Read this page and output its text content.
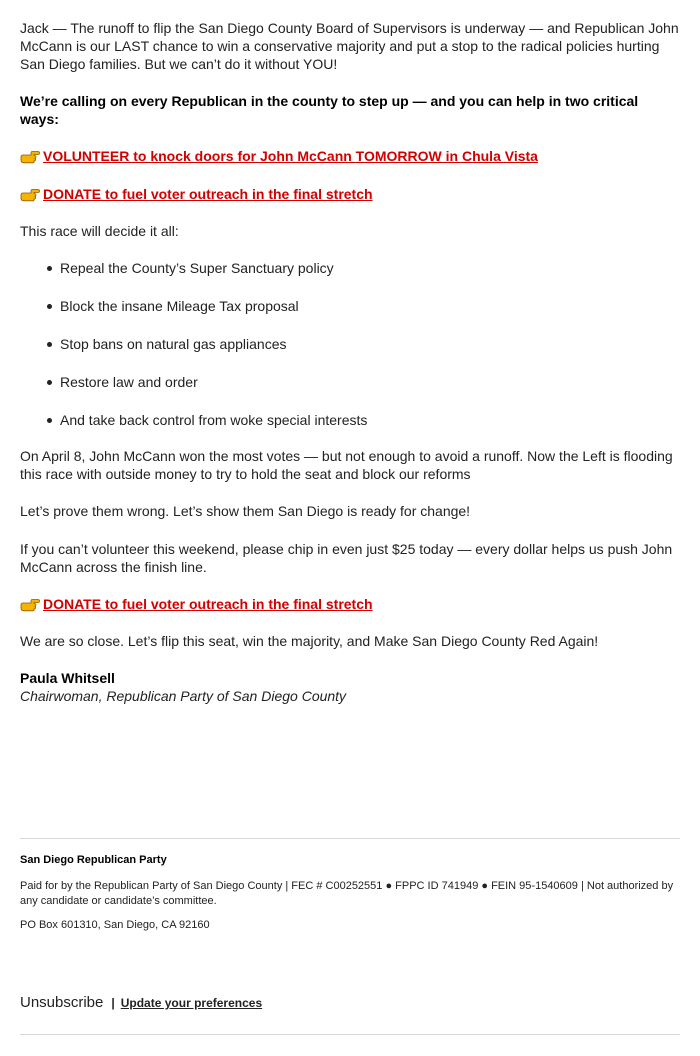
Jack — The runoff to flip the San Diego County Board of Supervisors is underway — and Republican John McCann is our LAST chance to win a conservative majority and put a stop to the radical policies hurting San Diego families. But we can’t do it without YOU!

We’re calling on every Republican in the county to step up — and you can help in two critical ways:

VOLUNTEER to knock doors for John McCann TOMORROW in Chula Vista
DONATE to fuel voter outreach in the final stretch

This race will decide it all:

Repeal the County’s Super Sanctuary policy
Block the insane Mileage Tax proposal
Stop bans on natural gas appliances
Restore law and order
And take back control from woke special interests

On April 8, John McCann won the most votes — but not enough to avoid a runoff. Now the Left is flooding this race with outside money to try to hold the seat and block our reforms

Let’s prove them wrong. Let’s show them San Diego is ready for change!

If you can’t volunteer this weekend, please chip in even just $25 today — every dollar helps us push John McCann across the finish line.

DONATE to fuel voter outreach in the final stretch

We are so close. Let’s flip this seat, win the majority, and Make San Diego County Red Again!

Paula Whitsell

Chairwoman, Republican Party of San Diego County

San Diego Republican Party

Paid for by the Republican Party of San Diego County | FEC # C00252551 ● FPPC ID 741949 ● FEIN 95-1540609 | Not authorized by any candidate or candidate’s committee.

PO Box 601310, San Diego, CA 92160

Unsubscribe | Update your preferences
